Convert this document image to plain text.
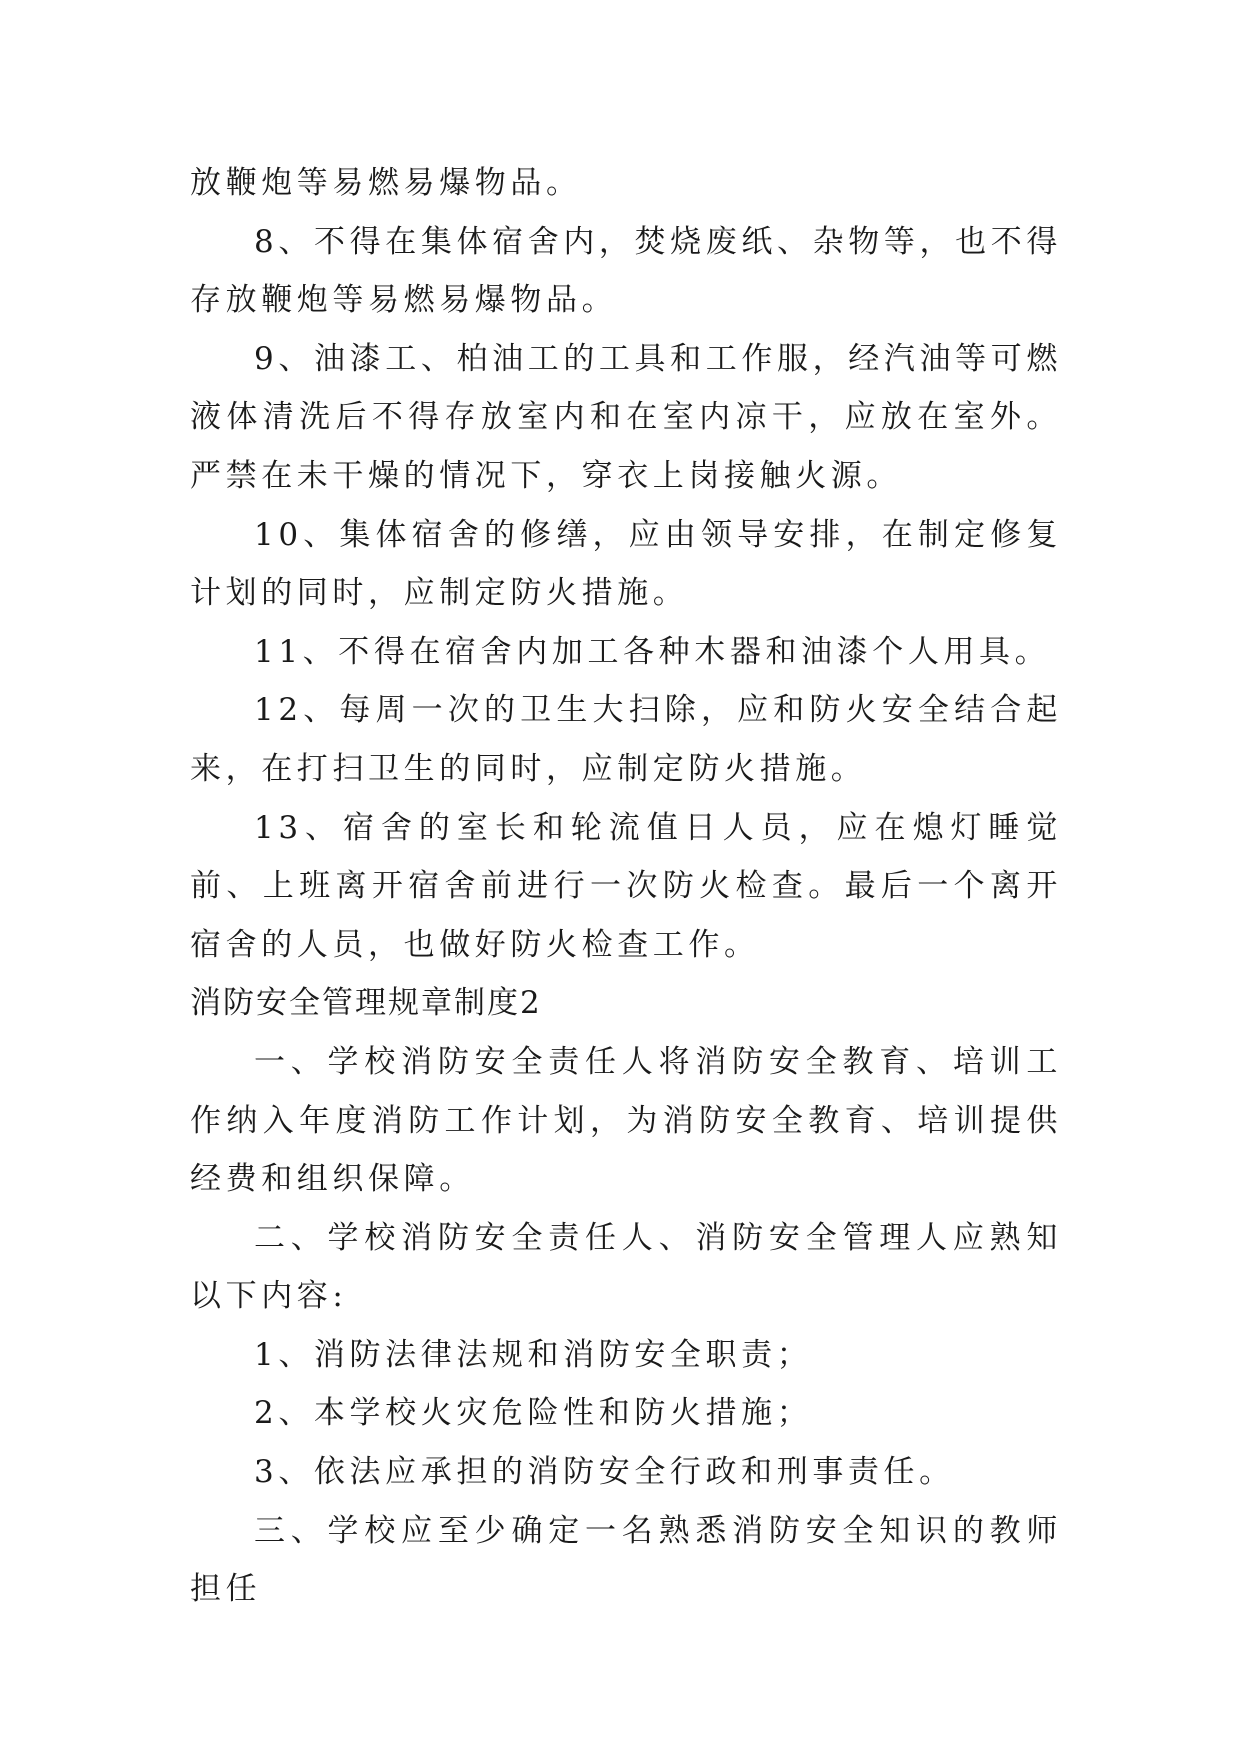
放鞭炮等易燃易爆物品。

8、不得在集体宿舍内，焚烧废纸、杂物等，也不得存放鞭炮等易燃易爆物品。

9、油漆工、柏油工的工具和工作服，经汽油等可燃液体清洗后不得存放室内和在室内凉干，应放在室外。严禁在未干燥的情况下，穿衣上岗接触火源。

10、集体宿舍的修缮，应由领导安排，在制定修复计划的同时，应制定防火措施。

11、不得在宿舍内加工各种木器和油漆个人用具。

12、每周一次的卫生大扫除，应和防火安全结合起来，在打扫卫生的同时，应制定防火措施。

13、宿舍的室长和轮流值日人员，应在熄灯睡觉前、上班离开宿舍前进行一次防火检查。最后一个离开宿舍的人员，也做好防火检查工作。

消防安全管理规章制度2

一、学校消防安全责任人将消防安全教育、培训工作纳入年度消防工作计划，为消防安全教育、培训提供经费和组织保障。

二、学校消防安全责任人、消防安全管理人应熟知以下内容:

1、消防法律法规和消防安全职责；

2、本学校火灾危险性和防火措施；

3、依法应承担的消防安全行政和刑事责任。

三、学校应至少确定一名熟悉消防安全知识的教师担任
